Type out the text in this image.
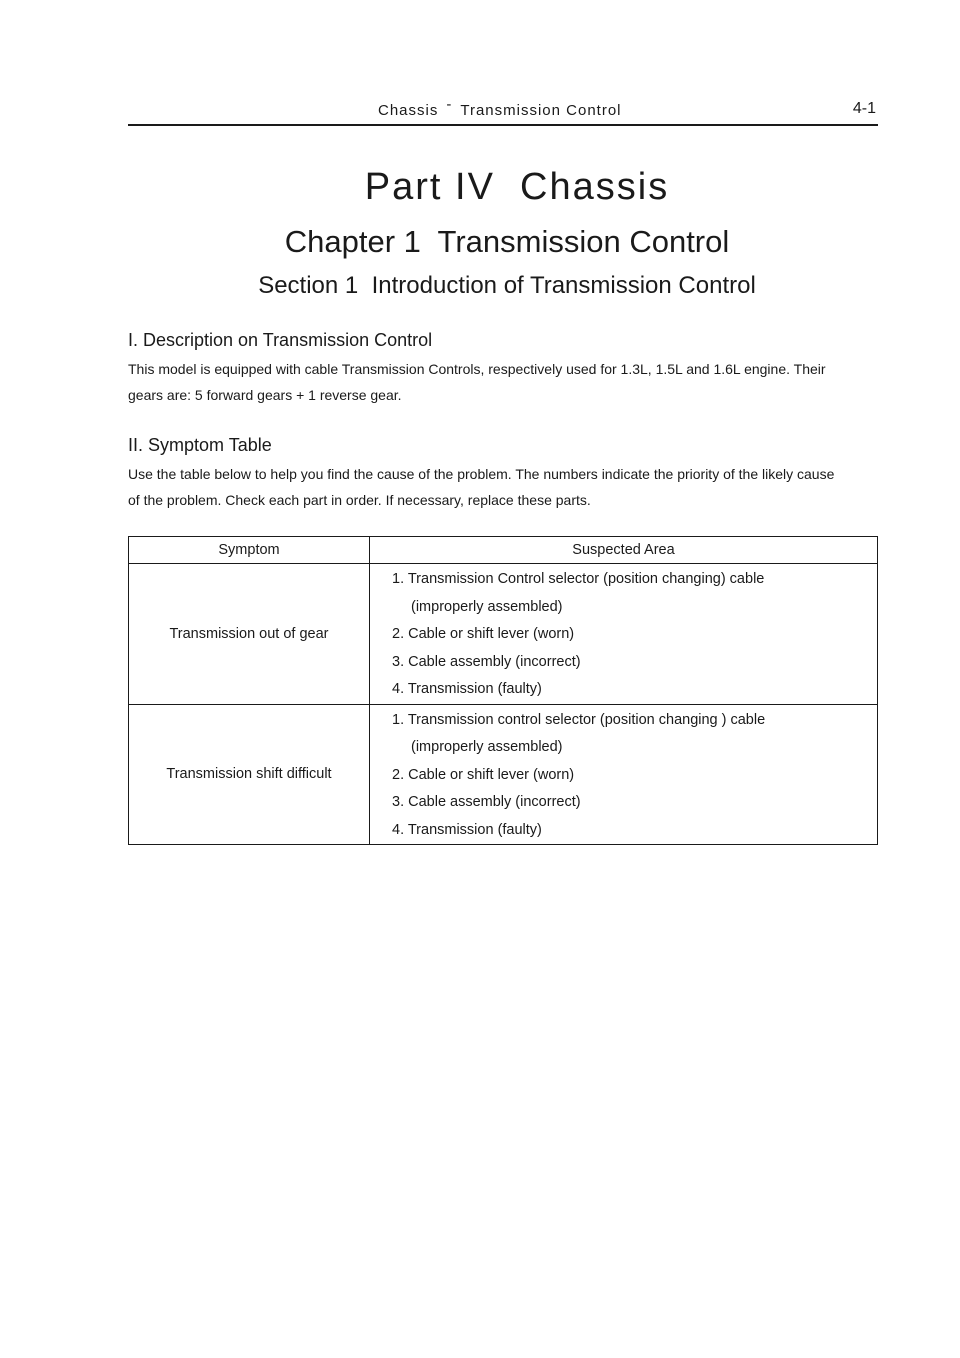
Chassis - Transmission Control	4-1
Part IV  Chassis
Chapter 1  Transmission Control
Section 1  Introduction of Transmission Control
I. Description on Transmission Control
This model is equipped with cable Transmission Controls, respectively used for 1.3L, 1.5L and 1.6L engine. Their
gears are: 5 forward gears + 1 reverse gear.
II. Symptom Table
Use the table below to help you find the cause of the problem. The numbers indicate the priority of the likely cause
of the problem. Check each part in order. If necessary, replace these parts.
Symptom	Suspected Area
Transmission out of gear	1. Transmission Control selector (position changing) cable
(improperly assembled)
2. Cable or shift lever (worn)
3. Cable assembly (incorrect)
4. Transmission (faulty)

Transmission shift difficult	1. Transmission control selector (position changing ) cable
(improperly assembled)
2. Cable or shift lever (worn)
3. Cable assembly (incorrect)
4. Transmission (faulty)
